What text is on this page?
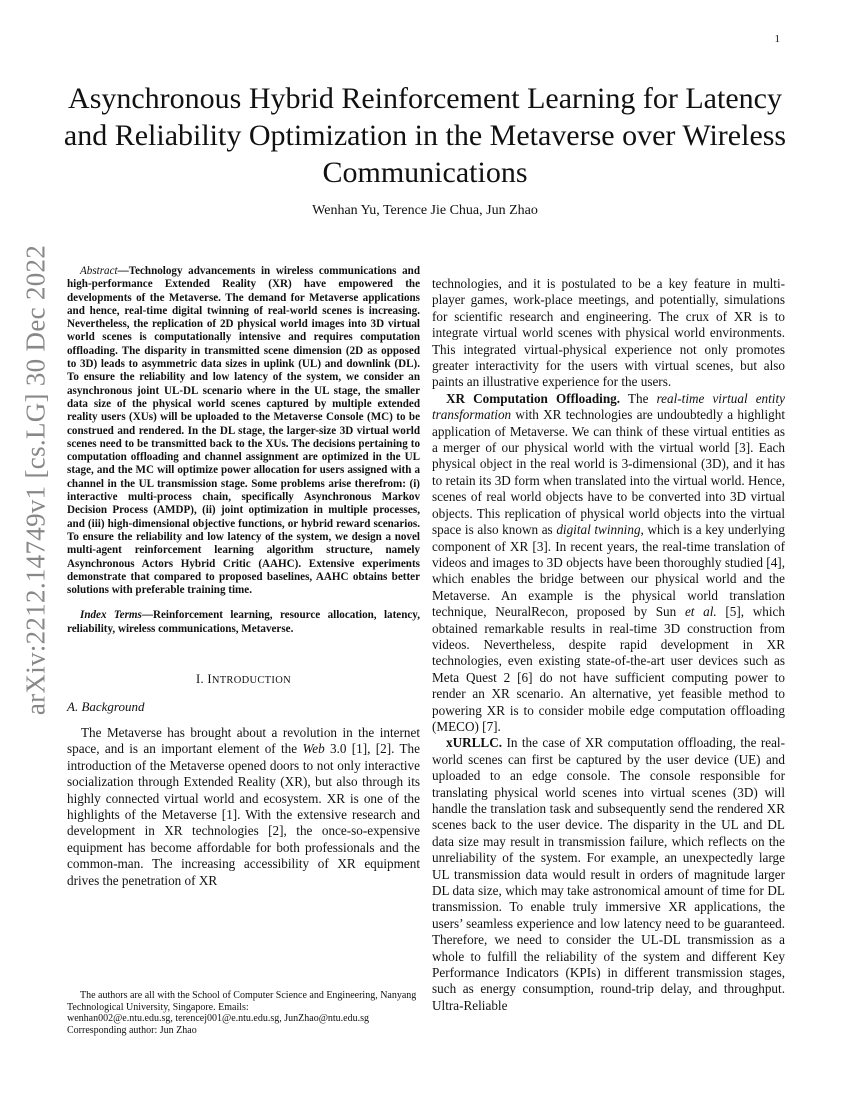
1
arXiv:2212.14749v1 [cs.LG] 30 Dec 2022
Asynchronous Hybrid Reinforcement Learning for Latency and Reliability Optimization in the Metaverse over Wireless Communications
Wenhan Yu, Terence Jie Chua, Jun Zhao

Abstract—Technology advancements in wireless communications and high-performance Extended Reality (XR) have empowered the developments of the Metaverse. The demand for Metaverse applications and hence, real-time digital twinning of real-world scenes is increasing. Nevertheless, the replication of 2D physical world images into 3D virtual world scenes is computationally intensive and requires computation offloading. The disparity in transmitted scene dimension (2D as opposed to 3D) leads to asymmetric data sizes in uplink (UL) and downlink (DL). To ensure the reliability and low latency of the system, we consider an asynchronous joint UL-DL scenario where in the UL stage, the smaller data size of the physical world scenes captured by multiple extended reality users (XUs) will be uploaded to the Metaverse Console (MC) to be construed and rendered. In the DL stage, the larger-size 3D virtual world scenes need to be transmitted back to the XUs. The decisions pertaining to computation offloading and channel assignment are optimized in the UL stage, and the MC will optimize power allocation for users assigned with a channel in the UL transmission stage. Some problems arise therefrom: (i) interactive multi-process chain, specifically Asynchronous Markov Decision Process (AMDP), (ii) joint optimization in multiple processes, and (iii) high-dimensional objective functions, or hybrid reward scenarios. To ensure the reliability and low latency of the system, we design a novel multi-agent reinforcement learning algorithm structure, namely Asynchronous Actors Hybrid Critic (AAHC). Extensive experiments demonstrate that compared to proposed baselines, AAHC obtains better solutions with preferable training time.

Index Terms—Reinforcement learning, resource allocation, latency, reliability, wireless communications, Metaverse.

I. INTRODUCTION
A. Background

The Metaverse has brought about a revolution in the internet space, and is an important element of the Web 3.0 [1], [2]. The introduction of the Metaverse opened doors to not only interactive socialization through Extended Reality (XR), but also through its highly connected virtual world and ecosystem. XR is one of the highlights of the Metaverse [1]. With the extensive research and development in XR technologies [2], the once-so-expensive equipment has become affordable for both professionals and the common-man. The increasing accessibility of XR equipment drives the penetration of XR

The authors are all with the School of Computer Science and Engineering, Nanyang Technological University, Singapore. Emails:
wenhan002@e.ntu.edu.sg, terencej001@e.ntu.edu.sg, JunZhao@ntu.edu.sg
Corresponding author: Jun Zhao

technologies, and it is postulated to be a key feature in multi-player games, work-place meetings, and potentially, simulations for scientific research and engineering. The crux of XR is to integrate virtual world scenes with physical world environments. This integrated virtual-physical experience not only promotes greater interactivity for the users with virtual scenes, but also paints an illustrative experience for the users.

XR Computation Offloading. The real-time virtual entity transformation with XR technologies are undoubtedly a highlight application of Metaverse. We can think of these virtual entities as a merger of our physical world with the virtual world [3]. Each physical object in the real world is 3-dimensional (3D), and it has to retain its 3D form when translated into the virtual world. Hence, scenes of real world objects have to be converted into 3D virtual objects. This replication of physical world objects into the virtual space is also known as digital twinning, which is a key underlying component of XR [3]. In recent years, the real-time translation of videos and images to 3D objects have been thoroughly studied [4], which enables the bridge between our physical world and the Metaverse. An example is the physical world translation technique, NeuralRecon, proposed by Sun et al. [5], which obtained remarkable results in real-time 3D construction from videos. Nevertheless, despite rapid development in XR technologies, even existing state-of-the-art user devices such as Meta Quest 2 [6] do not have sufficient computing power to render an XR scenario. An alternative, yet feasible method to powering XR is to consider mobile edge computation offloading (MECO) [7].

xURLLC. In the case of XR computation offloading, the real-world scenes can first be captured by the user device (UE) and uploaded to an edge console. The console responsible for translating physical world scenes into virtual scenes (3D) will handle the translation task and subsequently send the rendered XR scenes back to the user device. The disparity in the UL and DL data size may result in transmission failure, which reflects on the unreliability of the system. For example, an unexpectedly large UL transmission data would result in orders of magnitude larger DL data size, which may take astronomical amount of time for DL transmission. To enable truly immersive XR applications, the users’ seamless experience and low latency need to be guaranteed. Therefore, we need to consider the UL-DL transmission as a whole to fulfill the reliability of the system and different Key Performance Indicators (KPIs) in different transmission stages, such as energy consumption, round-trip delay, and throughput. Ultra-Reliable
